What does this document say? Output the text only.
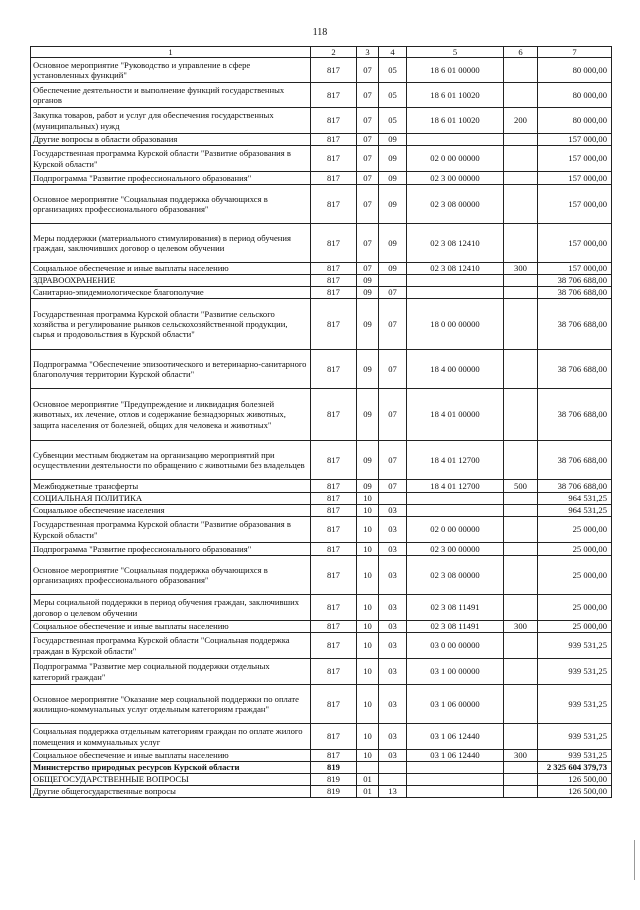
118
1	2	3	4	5	6	7
Основное мероприятие "Руководство и управление в сфере установленных функций"	817	07	05	18 6 01 00000		80 000,00
Обеспечение деятельности и выполнение функций государственных органов	817	07	05	18 6 01 10020		80 000,00
Закупка товаров, работ и услуг для обеспечения государственных (муниципальных) нужд	817	07	05	18 6 01 10020	200	80 000,00
Другие вопросы в области образования	817	07	09			157 000,00
Государственная программа Курской области "Развитие образования в Курской области"	817	07	09	02 0 00 00000		157 000,00
Подпрограмма "Развитие профессионального образования"	817	07	09	02 3 00 00000		157 000,00
Основное мероприятие "Социальная поддержка обучающихся в организациях профессионального образования"	817	07	09	02 3 08 00000		157 000,00
Меры поддержки (материального стимулирования) в период обучения граждан, заключивших договор о целевом обучении	817	07	09	02 3 08 12410		157 000,00
Социальное обеспечение и иные выплаты населению	817	07	09	02 3 08 12410	300	157 000,00
ЗДРАВООХРАНЕНИЕ	817	09				38 706 688,00
Санитарно-эпидемиологическое благополучие	817	09	07			38 706 688,00
Государственная программа Курской области "Развитие сельского хозяйства и регулирование рынков сельскохозяйственной продукции, сырья и продовольствия в Курской области"	817	09	07	18 0 00 00000		38 706 688,00
Подпрограмма "Обеспечение эпизоотического и ветеринарно-санитарного благополучия территории Курской области"	817	09	07	18 4 00 00000		38 706 688,00
Основное мероприятие "Предупреждение и ликвидация болезней животных, их лечение, отлов и содержание безнадзорных животных, защита населения от болезней, общих для человека и животных"	817	09	07	18 4 01 00000		38 706 688,00
Субвенции местным бюджетам на организацию мероприятий при осуществлении деятельности по обращению с животными без владельцев	817	09	07	18 4 01 12700		38 706 688,00
Межбюджетные трансферты	817	09	07	18 4 01 12700	500	38 706 688,00
СОЦИАЛЬНАЯ ПОЛИТИКА	817	10				964 531,25
Социальное обеспечение населения	817	10	03			964 531,25
Государственная программа Курской области "Развитие образования в Курской области"	817	10	03	02 0 00 00000		25 000,00
Подпрограмма "Развитие профессионального образования"	817	10	03	02 3 00 00000		25 000,00
Основное мероприятие "Социальная поддержка обучающихся в организациях профессионального образования"	817	10	03	02 3 08 00000		25 000,00
Меры социальной поддержки в период обучения граждан, заключивших договор о целевом обучении	817	10	03	02 3 08 11491		25 000,00
Социальное обеспечение и иные выплаты населению	817	10	03	02 3 08 11491	300	25 000,00
Государственная программа Курской области "Социальная поддержка граждан в Курской области"	817	10	03	03 0 00 00000		939 531,25
Подпрограмма "Развитие мер социальной поддержки отдельных категорий граждан"	817	10	03	03 1 00 00000		939 531,25
Основное мероприятие "Оказание мер социальной поддержки по оплате жилищно-коммунальных услуг отдельным категориям граждан"	817	10	03	03 1 06 00000		939 531,25
Социальная поддержка отдельным категориям граждан по оплате жилого помещения и коммунальных услуг	817	10	03	03 1 06 12440		939 531,25
Социальное обеспечение и иные выплаты населению	817	10	03	03 1 06 12440	300	939 531,25
Министерство природных ресурсов Курской области	819					2 325 604 379,73
ОБЩЕГОСУДАРСТВЕННЫЕ ВОПРОСЫ	819	01				126 500,00
Другие общегосударственные вопросы	819	01	13			126 500,00
